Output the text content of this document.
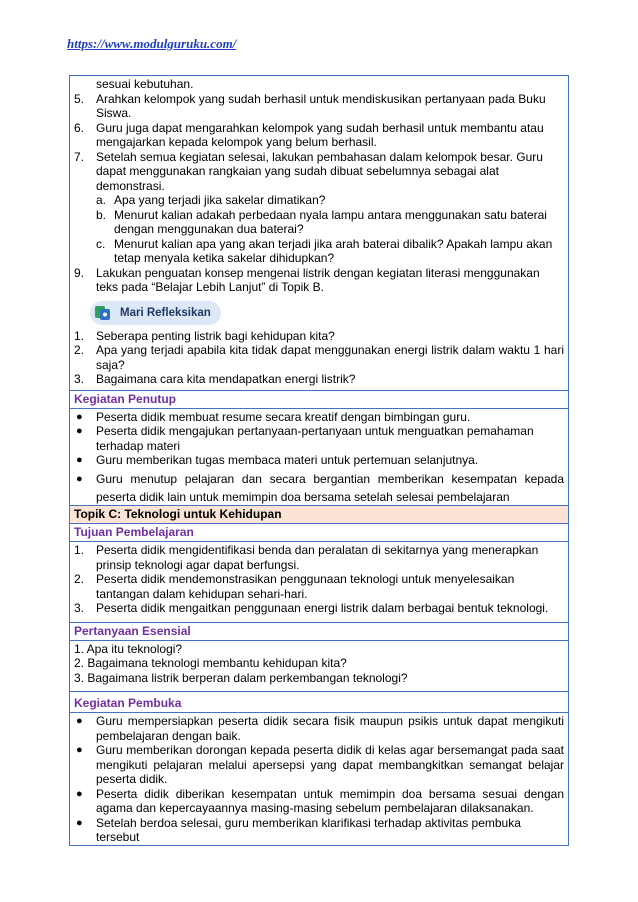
https://www.modulguruku.com/
sesuai kebutuhan.
5. Arahkan kelompok yang sudah berhasil untuk mendiskusikan pertanyaan pada Buku Siswa.
6. Guru juga dapat mengarahkan kelompok yang sudah berhasil untuk membantu atau mengajarkan kepada kelompok yang belum berhasil.
7. Setelah semua kegiatan selesai, lakukan pembahasan dalam kelompok besar. Guru dapat menggunakan rangkaian yang sudah dibuat sebelumnya sebagai alat demonstrasi.
a. Apa yang terjadi jika sakelar dimatikan?
b. Menurut kalian adakah perbedaan nyala lampu antara menggunakan satu baterai dengan menggunakan dua baterai?
c. Menurut kalian apa yang akan terjadi jika arah baterai dibalik? Apakah lampu akan tetap menyala ketika sakelar dihidupkan?
9. Lakukan penguatan konsep mengenai listrik dengan kegiatan literasi menggunakan teks pada “Belajar Lebih Lanjut” di Topik B.
Mari Refleksikan
1. Seberapa penting listrik bagi kehidupan kita?
2. Apa yang terjadi apabila kita tidak dapat menggunakan energi listrik dalam waktu 1 hari saja?
3. Bagaimana cara kita mendapatkan energi listrik?
Kegiatan Penutup
● Peserta didik membuat resume secara kreatif dengan bimbingan guru.
● Peserta didik mengajukan pertanyaan-pertanyaan untuk menguatkan pemahaman terhadap materi
● Guru memberikan tugas membaca materi untuk pertemuan selanjutnya.
● Guru menutup pelajaran dan secara bergantian memberikan kesempatan kepada peserta didik lain untuk memimpin doa bersama setelah selesai pembelajaran
Topik C: Teknologi untuk Kehidupan
Tujuan Pembelajaran
1. Peserta didik mengidentifikasi benda dan peralatan di sekitarnya yang menerapkan prinsip teknologi agar dapat berfungsi.
2. Peserta didik mendemonstrasikan penggunaan teknologi untuk menyelesaikan tantangan dalam kehidupan sehari-hari.
3. Peserta didik mengaitkan penggunaan energi listrik dalam berbagai bentuk teknologi.
Pertanyaan Esensial
1. Apa itu teknologi?
2. Bagaimana teknologi membantu kehidupan kita?
3. Bagaimana listrik berperan dalam perkembangan teknologi?
Kegiatan Pembuka
● Guru mempersiapkan peserta didik secara fisik maupun psikis untuk dapat mengikuti pembelajaran dengan baik.
● Guru memberikan dorongan kepada peserta didik di kelas agar bersemangat pada saat mengikuti pelajaran melalui apersepsi yang dapat membangkitkan semangat belajar peserta didik.
● Peserta didik diberikan kesempatan untuk memimpin doa bersama sesuai dengan agama dan kepercayaannya masing-masing sebelum pembelajaran dilaksanakan.
● Setelah berdoa selesai, guru memberikan klarifikasi terhadap aktivitas pembuka tersebut
